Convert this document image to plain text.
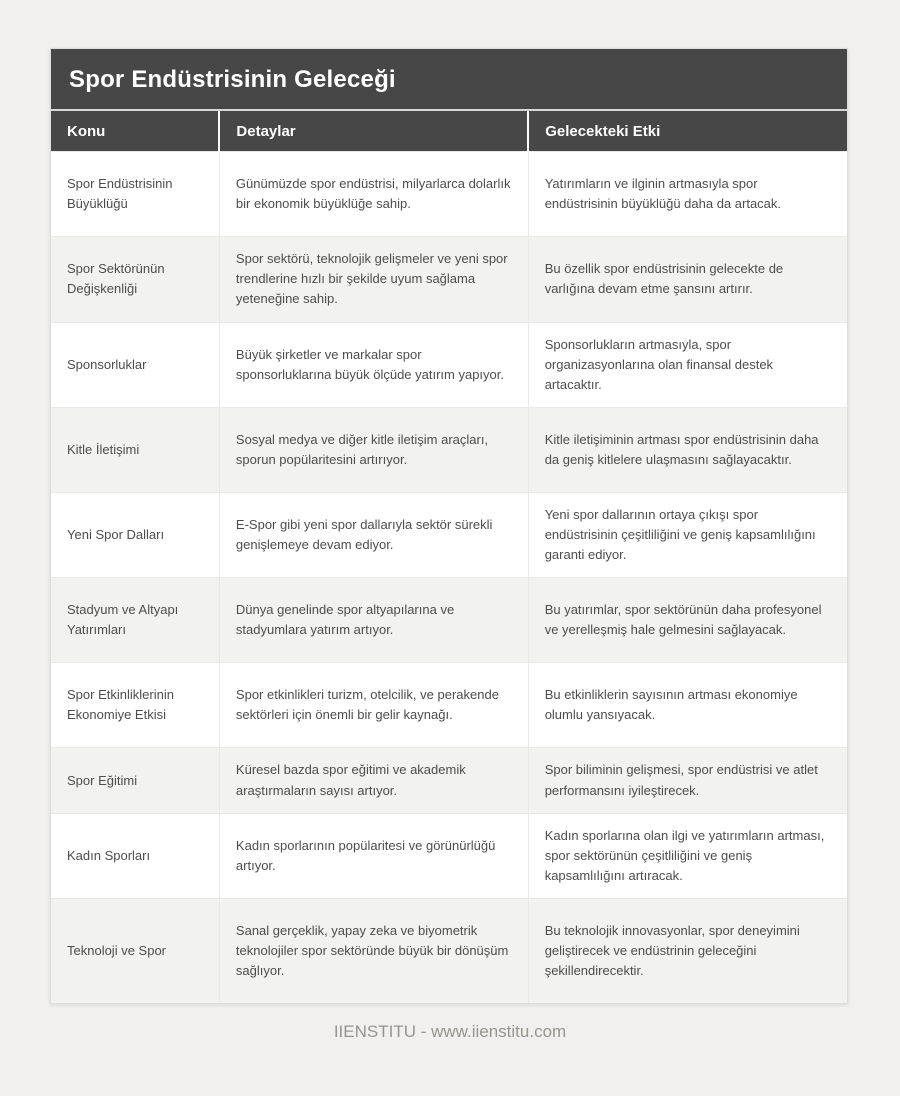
Spor Endüstrisinin Geleceği
Konu	Detaylar	Gelecekteki Etki
Spor Endüstrisinin Büyüklüğü	Günümüzde spor endüstrisi, milyarlarca dolarlık bir ekonomik büyüklüğe sahip.	Yatırımların ve ilginin artmasıyla spor endüstrisinin büyüklüğü daha da artacak.
Spor Sektörünün Değişkenliği	Spor sektörü, teknolojik gelişmeler ve yeni spor trendlerine hızlı bir şekilde uyum sağlama yeteneğine sahip.	Bu özellik spor endüstrisinin gelecekte de varlığına devam etme şansını artırır.
Sponsorluklar	Büyük şirketler ve markalar spor sponsorluklarına büyük ölçüde yatırım yapıyor.	Sponsorlukların artmasıyla, spor organizasyonlarına olan finansal destek artacaktır.
Kitle İletişimi	Sosyal medya ve diğer kitle iletişim araçları, sporun popülaritesini artırıyor.	Kitle iletişiminin artması spor endüstrisinin daha da geniş kitlelere ulaşmasını sağlayacaktır.
Yeni Spor Dalları	E-Spor gibi yeni spor dallarıyla sektör sürekli genişlemeye devam ediyor.	Yeni spor dallarının ortaya çıkışı spor endüstrisinin çeşitliliğini ve geniş kapsamlılığını garanti ediyor.
Stadyum ve Altyapı Yatırımları	Dünya genelinde spor altyapılarına ve stadyumlara yatırım artıyor.	Bu yatırımlar, spor sektörünün daha profesyonel ve yerelleşmiş hale gelmesini sağlayacak.
Spor Etkinliklerinin Ekonomiye Etkisi	Spor etkinlikleri turizm, otelcilik, ve perakende sektörleri için önemli bir gelir kaynağı.	Bu etkinliklerin sayısının artması ekonomiye olumlu yansıyacak.
Spor Eğitimi	Küresel bazda spor eğitimi ve akademik araştırmaların sayısı artıyor.	Spor biliminin gelişmesi, spor endüstrisi ve atlet performansını iyileştirecek.
Kadın Sporları	Kadın sporlarının popülaritesi ve görünürlüğü artıyor.	Kadın sporlarına olan ilgi ve yatırımların artması, spor sektörünün çeşitliliğini ve geniş kapsamlılığını artıracak.
Teknoloji ve Spor	Sanal gerçeklik, yapay zeka ve biyometrik teknolojiler spor sektöründe büyük bir dönüşüm sağlıyor.	Bu teknolojik innovasyonlar, spor deneyimini geliştirecek ve endüstrinin geleceğini şekillendirecektir.
IIENSTITU - www.iienstitu.com
